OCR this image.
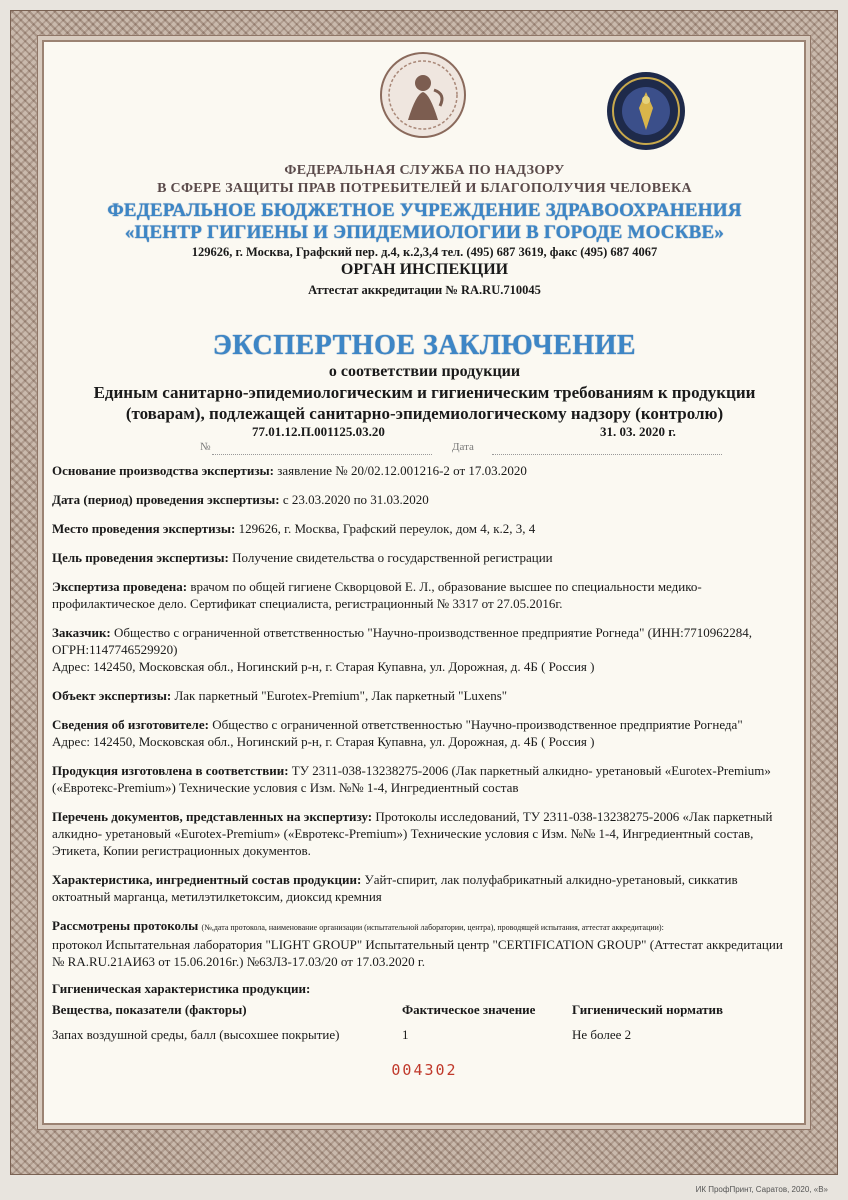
ФЕДЕРАЛЬНАЯ СЛУЖБА ПО НАДЗОРУ
В СФЕРЕ ЗАЩИТЫ ПРАВ ПОТРЕБИТЕЛЕЙ И БЛАГОПОЛУЧИЯ ЧЕЛОВЕКА
ФЕДЕРАЛЬНОЕ БЮДЖЕТНОЕ УЧРЕЖДЕНИЕ ЗДРАВООХРАНЕНИЯ
«ЦЕНТР ГИГИЕНЫ И ЭПИДЕМИОЛОГИИ В ГОРОДЕ МОСКВЕ»
129626, г. Москва, Графский пер. д.4, к.2,3,4 тел. (495) 687 3619, факс (495) 687 4067
ОРГАН ИНСПЕКЦИИ
Аттестат аккредитации № RA.RU.710045
ЭКСПЕРТНОЕ ЗАКЛЮЧЕНИЕ
о соответствии продукции
Единым санитарно-эпидемиологическим и гигиеническим требованиям к продукции
(товарам), подлежащей санитарно-эпидемиологическому надзору (контролю)
77.01.12.П.001125.03.20	31. 03. 2020 г.
№	Дата
Основание производства экспертизы: заявление № 20/02.12.001216-2 от 17.03.2020
Дата (период) проведения экспертизы: с 23.03.2020 по 31.03.2020
Место проведения экспертизы: 129626, г. Москва, Графский переулок, дом 4, к.2, 3, 4
Цель проведения экспертизы: Получение свидетельства о государственной регистрации
Экспертиза проведена: врачом по общей гигиене Скворцовой Е. Л., образование высшее по специальности медико-профилактическое дело. Сертификат специалиста, регистрационный № 3317 от 27.05.2016г.
Заказчик: Общество с ограниченной ответственностью "Научно-производственное предприятие Рогнеда" (ИНН:7710962284, ОГРН:1147746529920)
Адрес: 142450, Московская обл., Ногинский р-н, г. Старая Купавна, ул. Дорожная, д. 4Б ( Россия )
Объект экспертизы: Лак паркетный "Eurotex-Premium", Лак паркетный "Luxens"
Сведения об изготовителе: Общество с ограниченной ответственностью "Научно-производственное предприятие Рогнеда"
Адрес: 142450, Московская обл., Ногинский р-н, г. Старая Купавна, ул. Дорожная, д. 4Б ( Россия )
Продукция изготовлена в соответствии: ТУ 2311-038-13238275-2006 (Лак паркетный алкидно- уретановый «Eurotex-Premium» («Евротекс-Premium») Технические условия с Изм. №№ 1-4, Ингредиентный состав
Перечень документов, представленных на экспертизу: Протоколы исследований, ТУ 2311-038-13238275-2006 «Лак паркетный алкидно- уретановый «Eurotex-Premium» («Евротекс-Premium») Технические условия с Изм. №№ 1-4, Ингредиентный состав, Этикета, Копии регистрационных документов.
Характеристика, ингредиентный состав продукции: Уайт-спирит, лак полуфабрикатный алкидно-уретановый, сиккатив октоатный марганца, метилэтилкетоксим, диоксид кремния
Рассмотрены протоколы (№,дата протокола, наименование организации (испытательной лаборатории, центра), проводящей испытания, аттестат аккредитации):
протокол Испытательная лаборатория "LIGHT GROUP" Испытательный центр "CERTIFICATION GROUP" (Аттестат аккредитации № RA.RU.21АИ63 от 15.06.2016г.) №63ЛЗ-17.03/20 от 17.03.2020 г.
Гигиеническая характеристика продукции:
Вещества, показатели (факторы)	Фактическое значение	Гигиенический норматив
Запах воздушной среды, балл (высохшее покрытие)	1	Не более 2
004302
ИК ПрофПринт, Саратов, 2020, «В»
